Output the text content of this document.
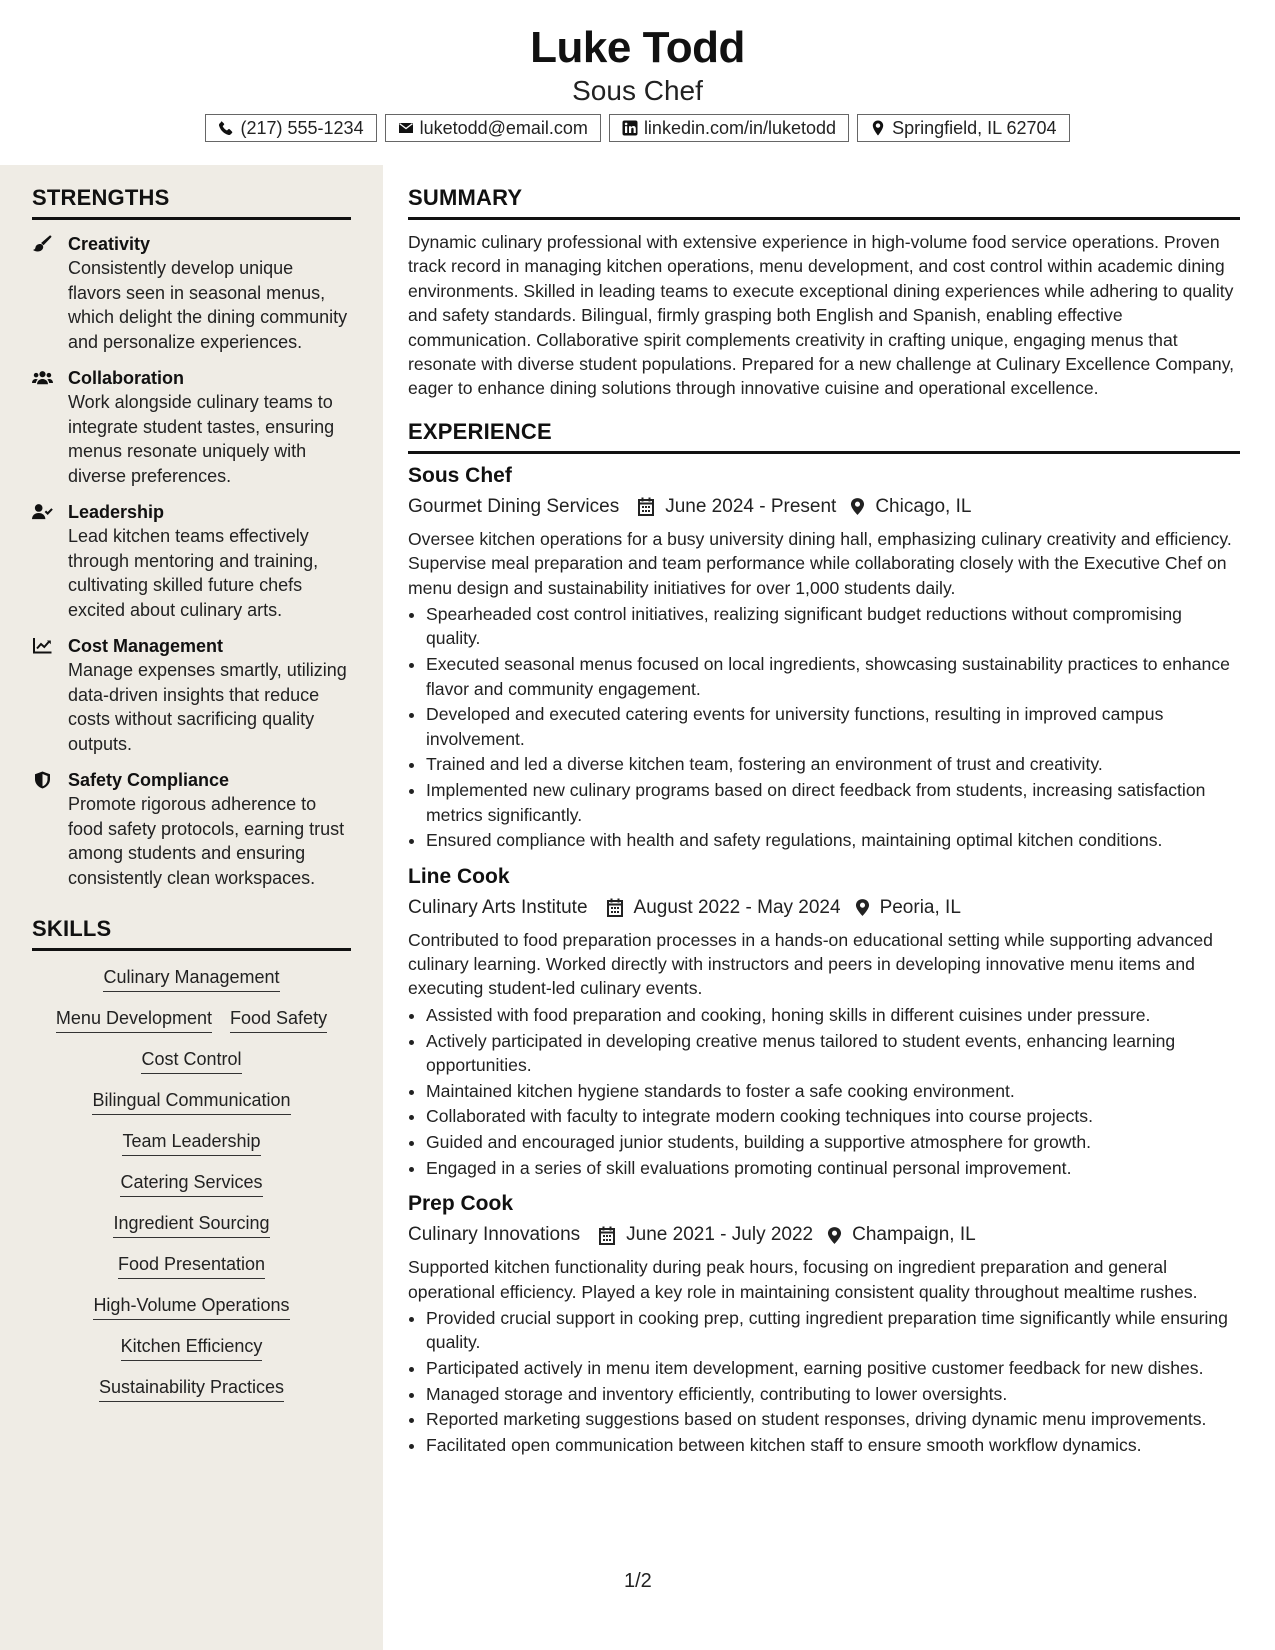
Luke Todd
Sous Chef
(217) 555-1234	luketodd@email.com	linkedin.com/in/luketodd	Springfield, IL 62704
STRENGTHS
Creativity
Consistently develop unique flavors seen in seasonal menus, which delight the dining community and personalize experiences.
Collaboration
Work alongside culinary teams to integrate student tastes, ensuring menus resonate uniquely with diverse preferences.
Leadership
Lead kitchen teams effectively through mentoring and training, cultivating skilled future chefs excited about culinary arts.
Cost Management
Manage expenses smartly, utilizing data-driven insights that reduce costs without sacrificing quality outputs.
Safety Compliance
Promote rigorous adherence to food safety protocols, earning trust among students and ensuring consistently clean workspaces.
SKILLS
Culinary Management
Menu Development Food Safety
Cost Control
Bilingual Communication
Team Leadership
Catering Services
Ingredient Sourcing
Food Presentation
High-Volume Operations
Kitchen Efficiency
Sustainability Practices
SUMMARY
Dynamic culinary professional with extensive experience in high-volume food service operations. Proven track record in managing kitchen operations, menu development, and cost control within academic dining environments. Skilled in leading teams to execute exceptional dining experiences while adhering to quality and safety standards. Bilingual, firmly grasping both English and Spanish, enabling effective communication. Collaborative spirit complements creativity in crafting unique, engaging menus that resonate with diverse student populations. Prepared for a new challenge at Culinary Excellence Company, eager to enhance dining solutions through innovative cuisine and operational excellence.
EXPERIENCE
Sous Chef
Gourmet Dining Services June 2024 - Present Chicago, IL
Oversee kitchen operations for a busy university dining hall, emphasizing culinary creativity and efficiency. Supervise meal preparation and team performance while collaborating closely with the Executive Chef on menu design and sustainability initiatives for over 1,000 students daily.
• Spearheaded cost control initiatives, realizing significant budget reductions without compromising quality.
• Executed seasonal menus focused on local ingredients, showcasing sustainability practices to enhance flavor and community engagement.
• Developed and executed catering events for university functions, resulting in improved campus involvement.
• Trained and led a diverse kitchen team, fostering an environment of trust and creativity.
• Implemented new culinary programs based on direct feedback from students, increasing satisfaction metrics significantly.
• Ensured compliance with health and safety regulations, maintaining optimal kitchen conditions.
Line Cook
Culinary Arts Institute August 2022 - May 2024 Peoria, IL
Contributed to food preparation processes in a hands-on educational setting while supporting advanced culinary learning. Worked directly with instructors and peers in developing innovative menu items and executing student-led culinary events.
• Assisted with food preparation and cooking, honing skills in different cuisines under pressure.
• Actively participated in developing creative menus tailored to student events, enhancing learning opportunities.
• Maintained kitchen hygiene standards to foster a safe cooking environment.
• Collaborated with faculty to integrate modern cooking techniques into course projects.
• Guided and encouraged junior students, building a supportive atmosphere for growth.
• Engaged in a series of skill evaluations promoting continual personal improvement.
Prep Cook
Culinary Innovations June 2021 - July 2022 Champaign, IL
Supported kitchen functionality during peak hours, focusing on ingredient preparation and general operational efficiency. Played a key role in maintaining consistent quality throughout mealtime rushes.
• Provided crucial support in cooking prep, cutting ingredient preparation time significantly while ensuring quality.
• Participated actively in menu item development, earning positive customer feedback for new dishes.
• Managed storage and inventory efficiently, contributing to lower oversights.
• Reported marketing suggestions based on student responses, driving dynamic menu improvements.
• Facilitated open communication between kitchen staff to ensure smooth workflow dynamics.
1/2
